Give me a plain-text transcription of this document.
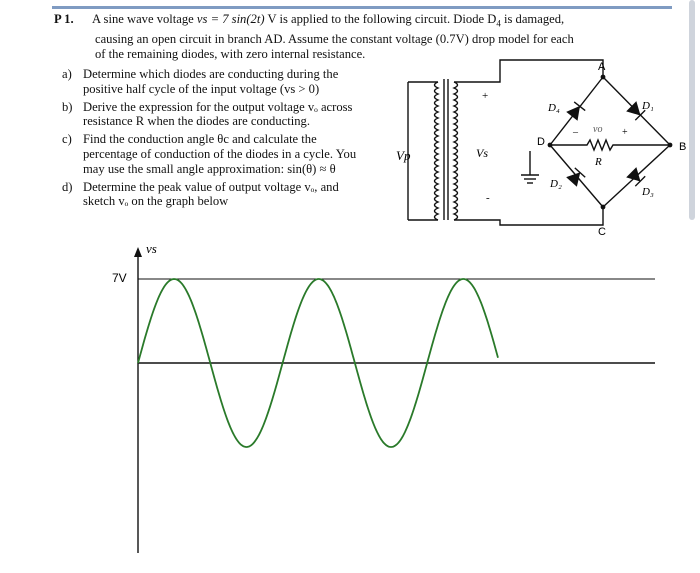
P 1. A sine wave voltage vs = 7 sin(2t) V is applied to the following circuit. Diode $D_4$ is damaged,
causing an open circuit in branch AD. Assume the constant voltage (0.7V) drop model for each
of the remaining diodes, with zero internal resistance.
a) Determine which diodes are conducting during the
positive half cycle of the input voltage (vs > 0)
b) Derive the expression for the output voltage vₒ across
resistance R when the diodes are conducting.
c) Find the conduction angle θc and calculate the
percentage of conduction of the diodes in a cycle. You
may use the small angle approximation: sin(θ) ≈ θ
d) Determine the peak value of output voltage vₒ, and
sketch vₒ on the graph below
Vp	Vs
+
-
A
B
C
D
D₄	D₁
D₂
D₃
vo
–	+
R
vs
7V
